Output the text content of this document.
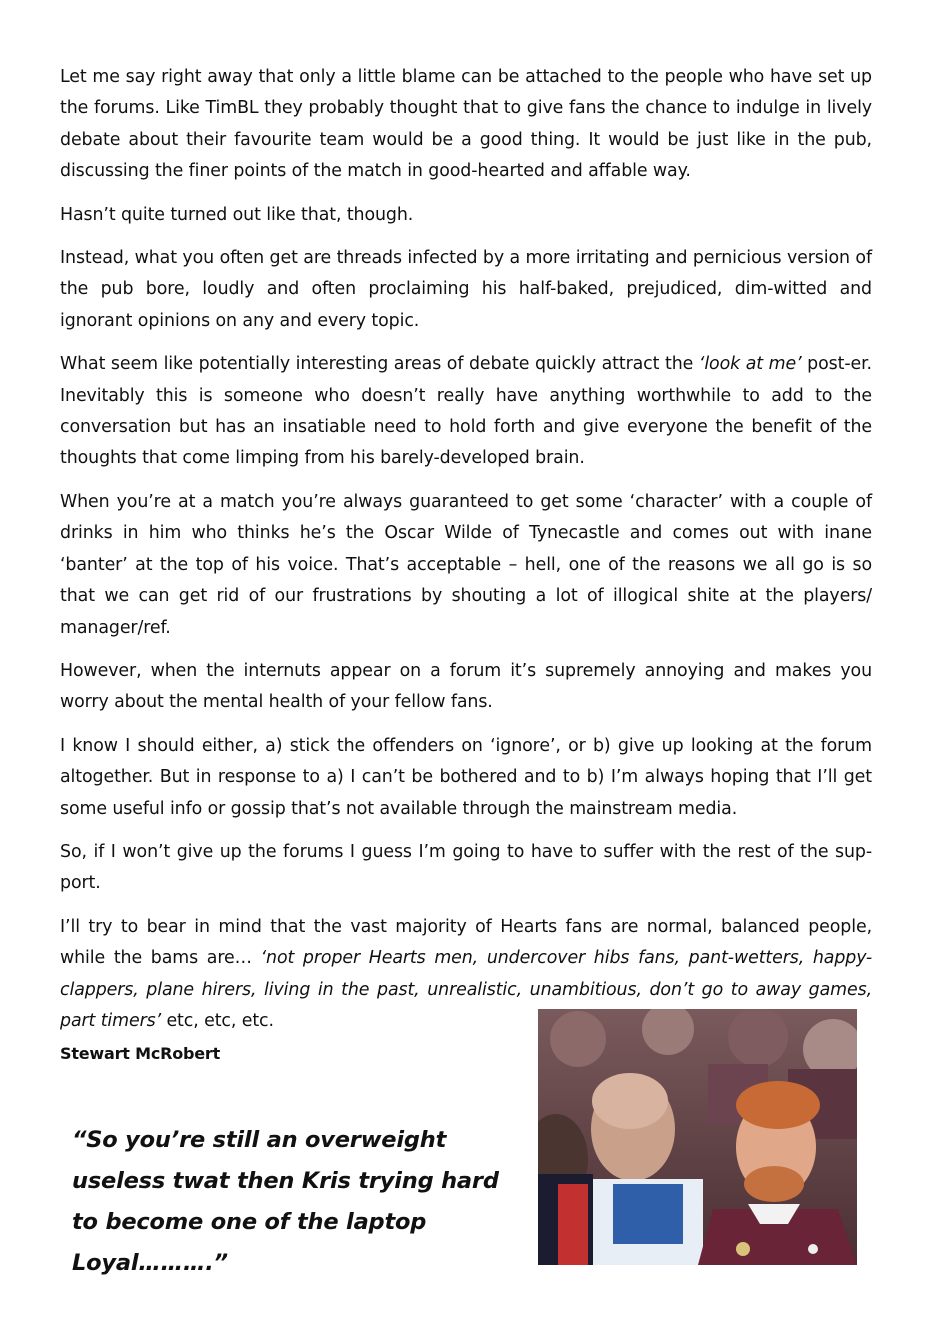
Let me say right away that only a little blame can be attached to the people who have set up the forums. Like TimBL they probably thought that to give fans the chance to indulge in lively debate about their favourite team would be a good thing. It would be just like in the pub, discussing the finer points of the match in good-hearted and affable way.

Hasn’t quite turned out like that, though.

Instead, what you often get are threads infected by a more irritating and pernicious version of the pub bore, loudly and often proclaiming his half-baked, prejudiced, dim-witted and ignorant opinions on any and every topic.

What seem like potentially interesting areas of debate quickly attract the ‘look at me’ post-er. Inevitably this is someone who doesn’t really have anything worthwhile to add to the conversation but has an insatiable need to hold forth and give everyone the benefit of the thoughts that come limping from his barely-developed brain.

When you’re at a match you’re always guaranteed to get some ‘character’ with a couple of drinks in him who thinks he’s the Oscar Wilde of Tynecastle and comes out with inane ‘banter’ at the top of his voice. That’s acceptable – hell, one of the reasons we all go is so that we can get rid of our frustrations by shouting a lot of illogical shite at the players/ manager/ref.

However, when the internuts appear on a forum it’s supremely annoying and makes you worry about the mental health of your fellow fans.

I know I should either, a) stick the offenders on ‘ignore’, or b) give up looking at the forum altogether. But in response to a) I can’t be bothered and to b) I’m always hoping that I’ll get some useful info or gossip that’s not available through the mainstream media.

So, if I won’t give up the forums I guess I’m going to have to suffer with the rest of the sup-port.

I’ll try to bear in mind that the vast majority of Hearts fans are normal, balanced people, while the bams are… ‘not proper Hearts men, undercover hibs fans, pant-wetters, happy-clappers, plane hirers, living in the past, unrealistic, unambitious, don’t go to away games, part timers’ etc, etc, etc.

Stewart McRobert
“So you’re still an overweight useless twat then Kris trying hard to become one of the laptop Loyal……….”
